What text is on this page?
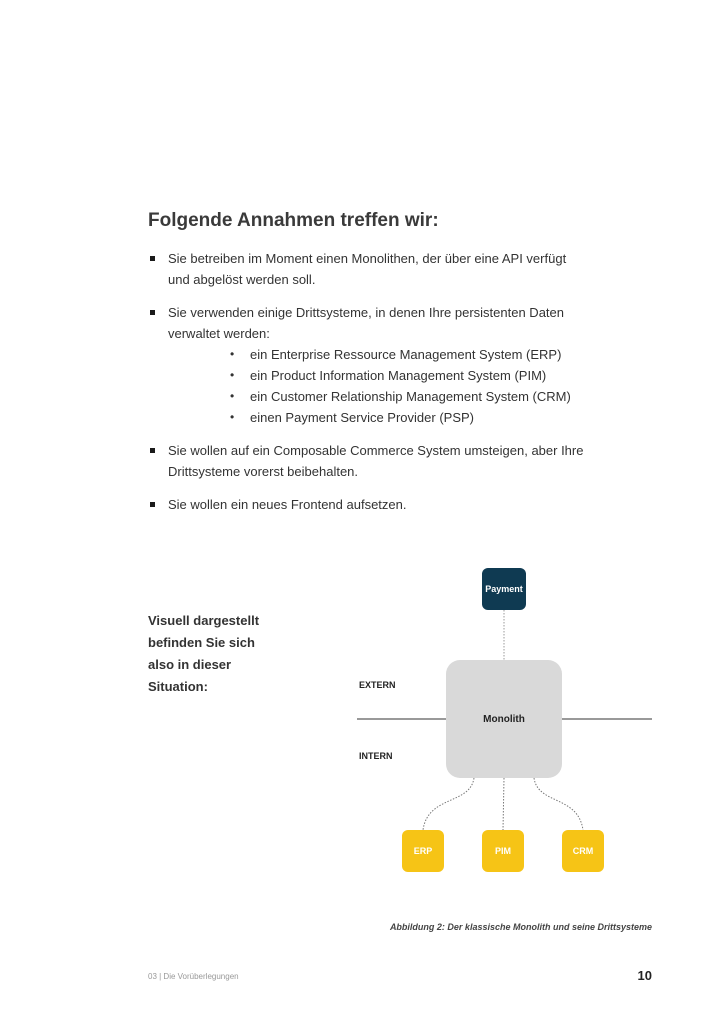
Folgende Annahmen treffen wir:
Sie betreiben im Moment einen Monolithen, der über eine API verfügt
und abgelöst werden soll.
Sie verwenden einige Drittsysteme, in denen Ihre persistenten Daten
verwaltet werden:
• ein Enterprise Ressource Management System (ERP)
• ein Product Information Management System (PIM)
• ein Customer Relationship Management System (CRM)
• einen Payment Service Provider (PSP)
Sie wollen auf ein Composable Commerce System umsteigen, aber Ihre
Drittsysteme vorerst beibehalten.
Sie wollen ein neues Frontend aufsetzen.
Visuell dargestellt
befinden Sie sich
also in dieser
Situation:
Payment
Monolith
EXTERN
INTERN
ERP	PIM	CRM
Abbildung 2: Der klassische Monolith und seine Drittsysteme
03 | Die Vorüberlegungen	10
